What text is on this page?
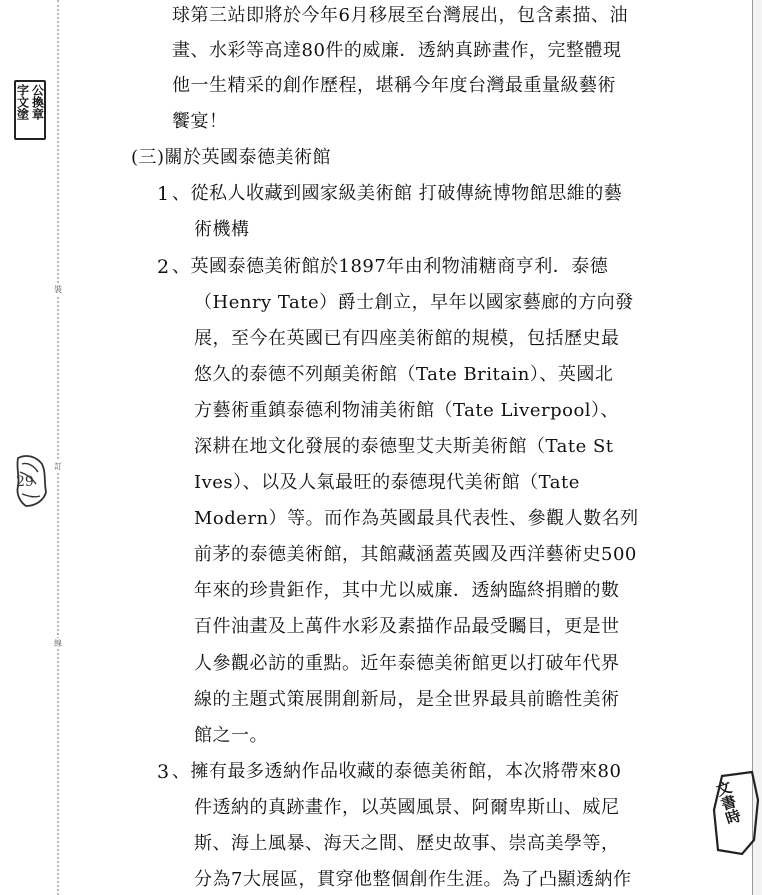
裝
訂
線
公換章
字文塗
29
文書時
球第三站即將於今年6月移展至台灣展出，包含素描、油
畫、水彩等高達80件的威廉．透納真跡畫作，完整體現
他一生精采的創作歷程，堪稱今年度台灣最重量級藝術
饗宴！
(三)關於英國泰德美術館
1 、從私人收藏到國家級美術館 打破傳統博物館思維的藝
術機構
2 、英國泰德美術館於1897年由利物浦糖商亨利．泰德
（Henry Tate）爵士創立，早年以國家藝廊的方向發
展，至今在英國已有四座美術館的規模，包括歷史最
悠久的泰德不列顛美術館（Tate Britain）、英國北
方藝術重鎮泰德利物浦美術館（Tate Liverpool）、
深耕在地文化發展的泰德聖艾夫斯美術館（Tate St
Ives）、以及人氣最旺的泰德現代美術館（Tate
Modern）等。而作為英國最具代表性、參觀人數名列
前茅的泰德美術館，其館藏涵蓋英國及西洋藝術史500
年來的珍貴鉅作，其中尤以威廉．透納臨終捐贈的數
百件油畫及上萬件水彩及素描作品最受矚目，更是世
人參觀必訪的重點。近年泰德美術館更以打破年代界
線的主題式策展開創新局，是全世界最具前瞻性美術
館之一。
3 、擁有最多透納作品收藏的泰德美術館，本次將帶來80
件透納的真跡畫作，以英國風景、阿爾卑斯山、威尼
斯、海上風暴、海天之間、歷史故事、崇高美學等，
分為7大展區，貫穿他整個創作生涯。為了凸顯透納作
